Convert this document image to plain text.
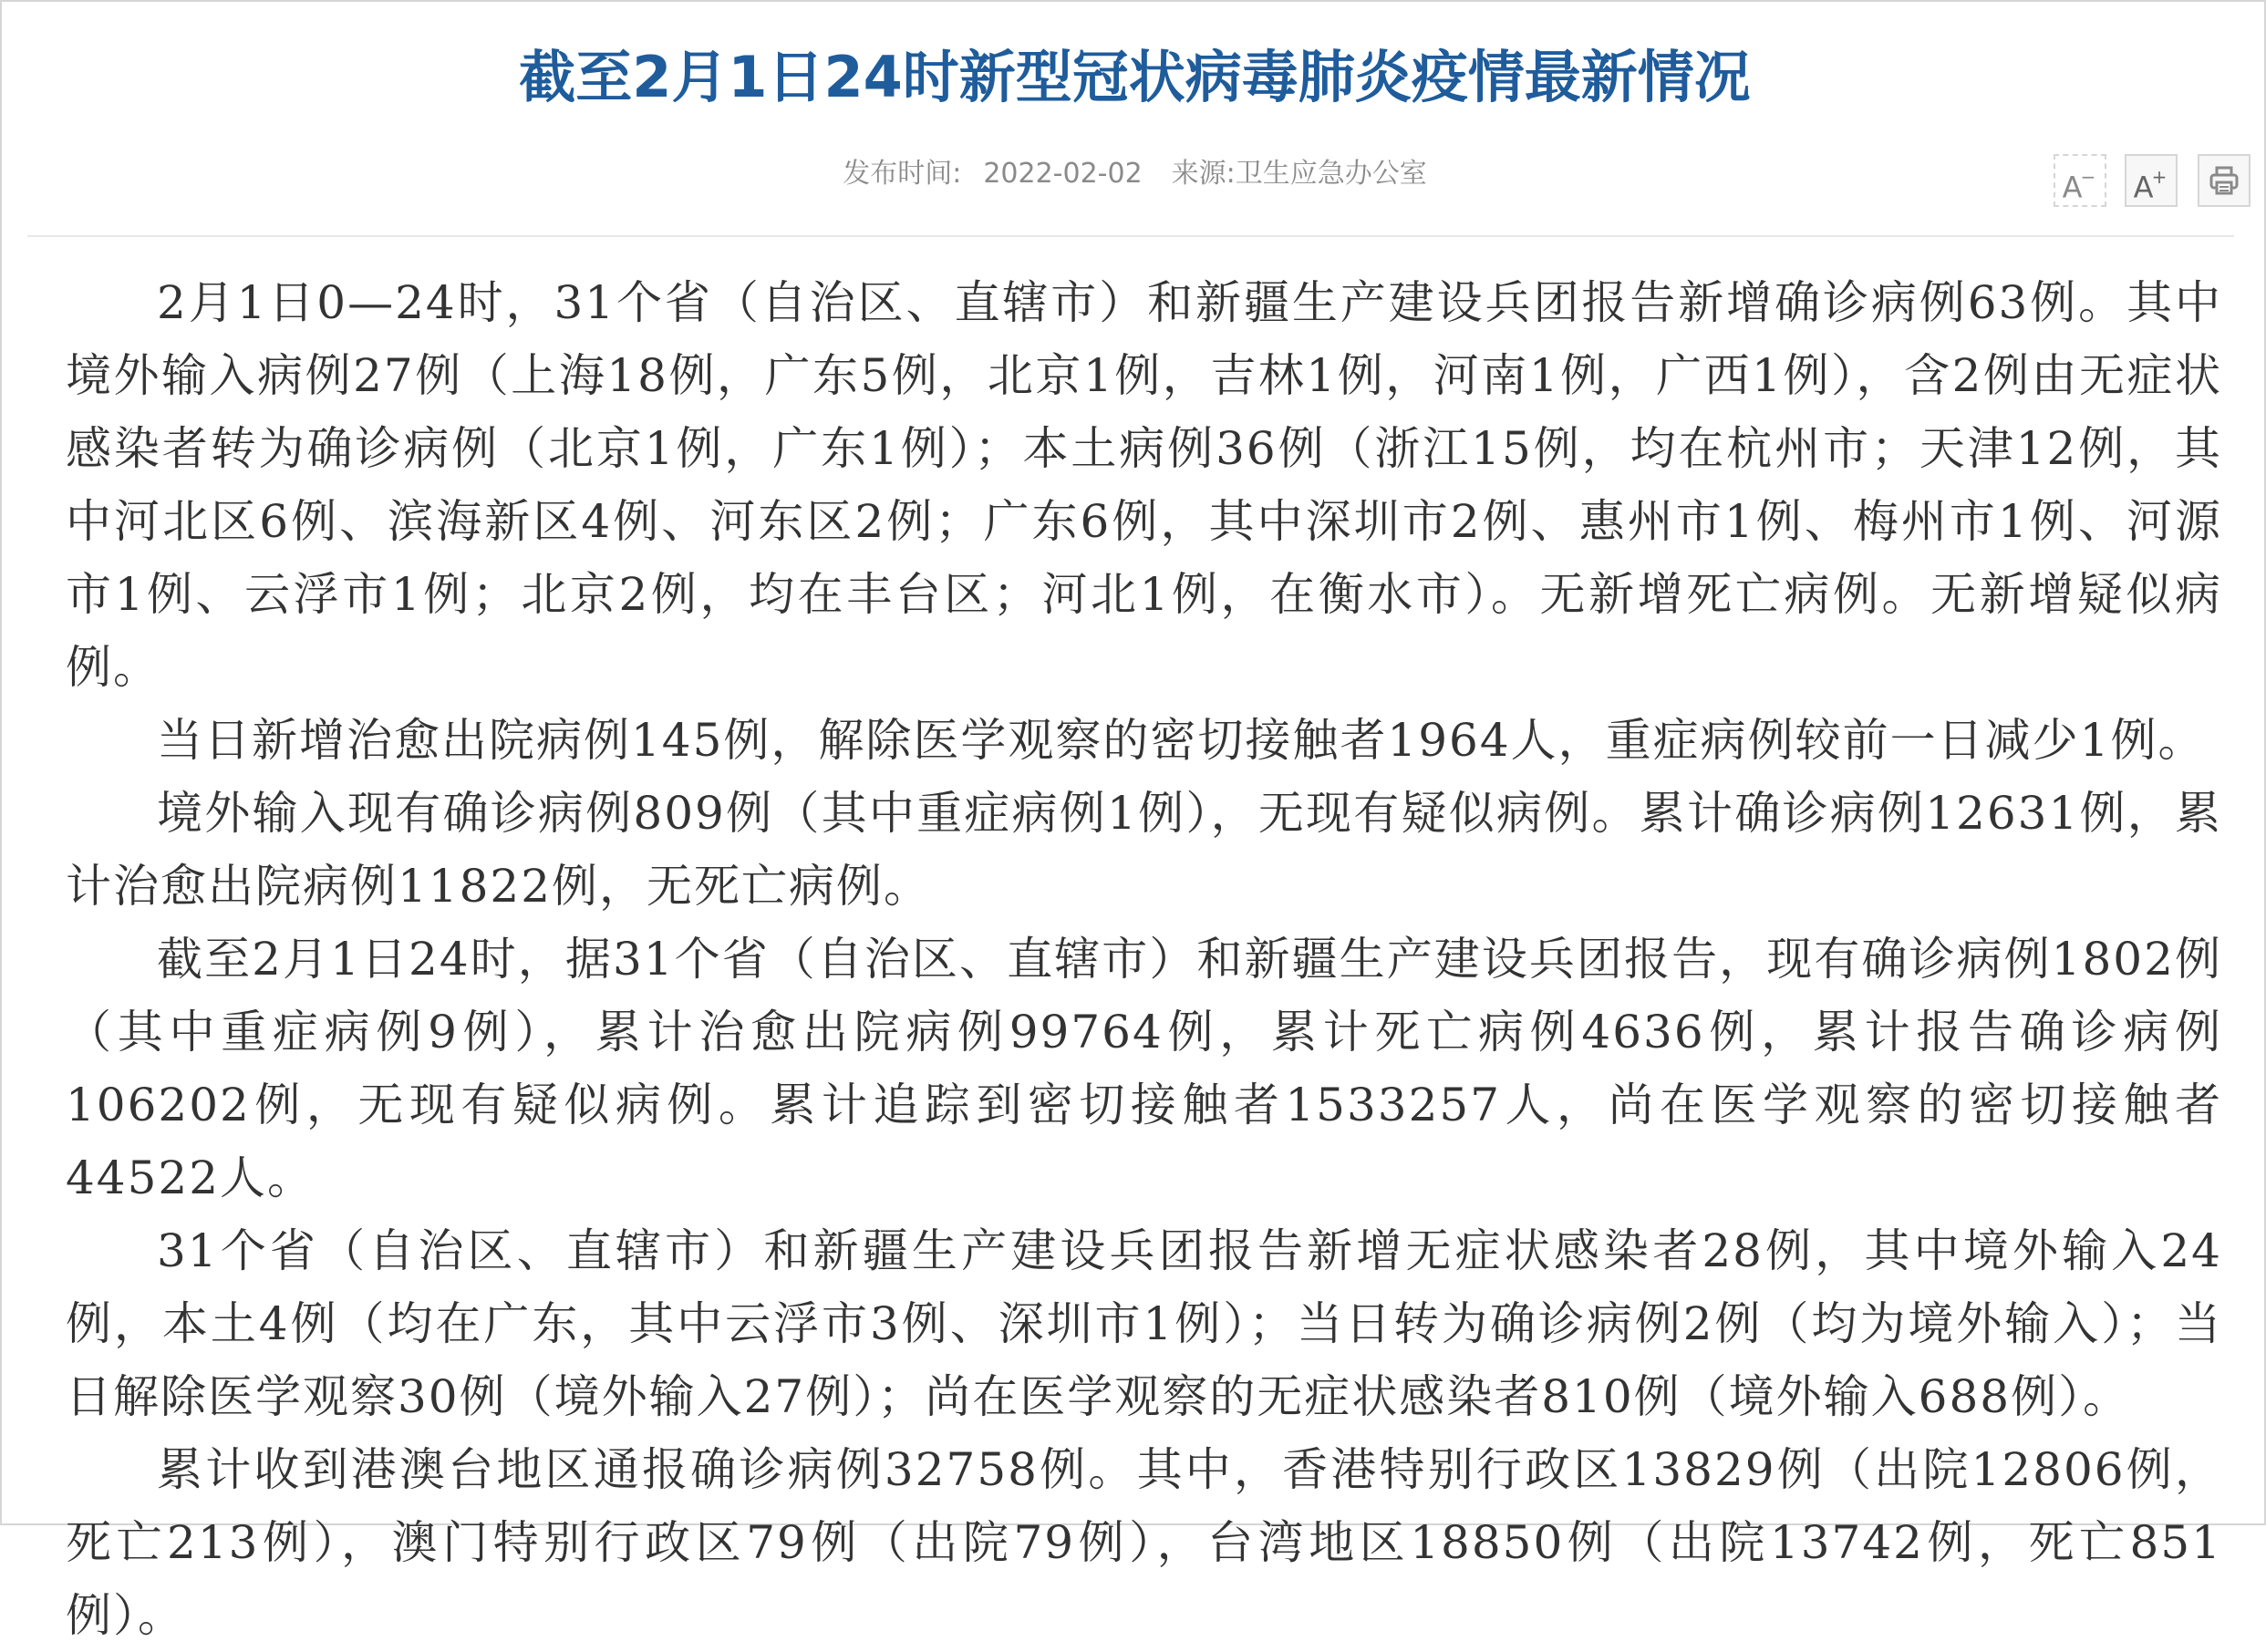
截至2月1日24时新型冠状病毒肺炎疫情最新情况
发布时间: 2022-02-02 来源:卫生应急办公室	A−	A+

2月1日0—24时，31个省（自治区、直辖市）和新疆生产建设兵团报告新增确诊病例63例。其中境外输入病例27例（上海18例，广东5例，北京1例，吉林1例，河南1例，广西1例），含2例由无症状感染者转为确诊病例（北京1例，广东1例）；本土病例36例（浙江15例，均在杭州市；天津12例，其中河北区6例、滨海新区4例、河东区2例；广东6例，其中深圳市2例、惠州市1例、梅州市1例、河源市1例、云浮市1例；北京2例，均在丰台区；河北1例，在衡水市）。无新增死亡病例。无新增疑似病例。

当日新增治愈出院病例145例，解除医学观察的密切接触者1964人，重症病例较前一日减少1例。

境外输入现有确诊病例809例（其中重症病例1例），无现有疑似病例。累计确诊病例12631例，累计治愈出院病例11822例，无死亡病例。

截至2月1日24时，据31个省（自治区、直辖市）和新疆生产建设兵团报告，现有确诊病例1802例（其中重症病例9例），累计治愈出院病例99764例，累计死亡病例4636例，累计报告确诊病例106202例，无现有疑似病例。累计追踪到密切接触者1533257人，尚在医学观察的密切接触者44522人。

31个省（自治区、直辖市）和新疆生产建设兵团报告新增无症状感染者28例，其中境外输入24例，本土4例（均在广东，其中云浮市3例、深圳市1例）；当日转为确诊病例2例（均为境外输入）；当日解除医学观察30例（境外输入27例）；尚在医学观察的无症状感染者810例（境外输入688例）。

累计收到港澳台地区通报确诊病例32758例。其中，香港特别行政区13829例（出院12806例，死亡213例），澳门特别行政区79例（出院79例），台湾地区18850例（出院13742例，死亡851例）。
